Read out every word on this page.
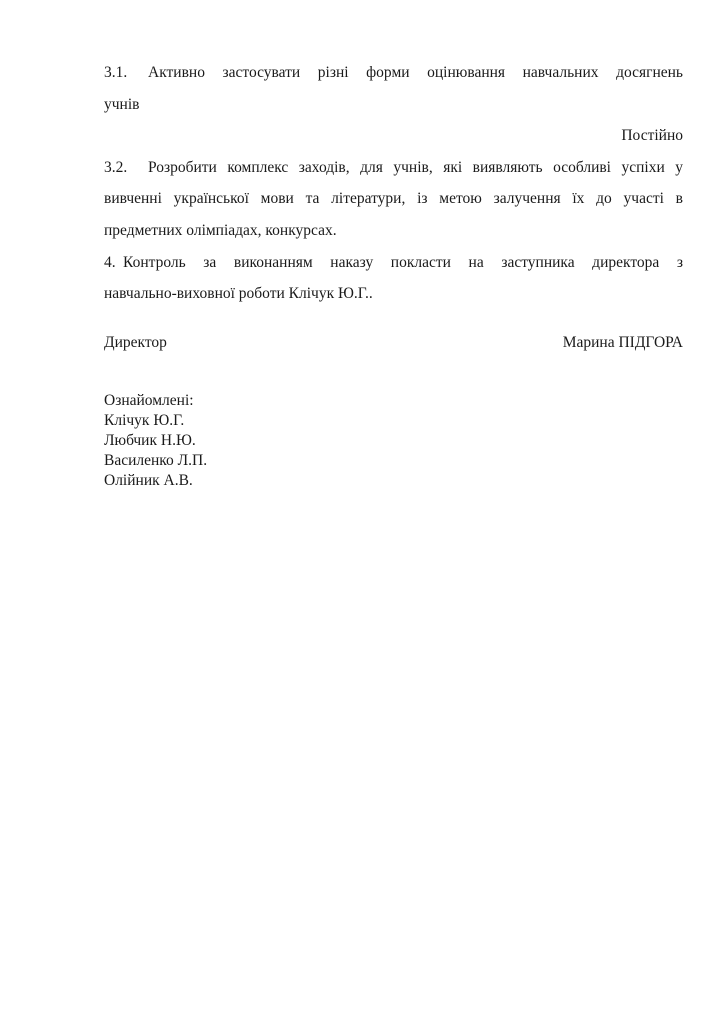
3.1. Активно застосувати різні форми оцінювання навчальних досягнень
учнів
Постійно
3.2. Розробити комплекс заходів, для учнів, які виявляють особливі успіхи у
вивченні української мови та літератури, із метою залучення їх до участі в
предметних олімпіадах, конкурсах.
4. Контроль за виконанням наказу покласти на заступника директора з
навчально-виховної роботи Клічук Ю.Г..
Директор	Марина ПІДГОРА
Ознайомлені:
Клічук Ю.Г.
Любчик Н.Ю.
Василенко Л.П.
Олійник А.В.
